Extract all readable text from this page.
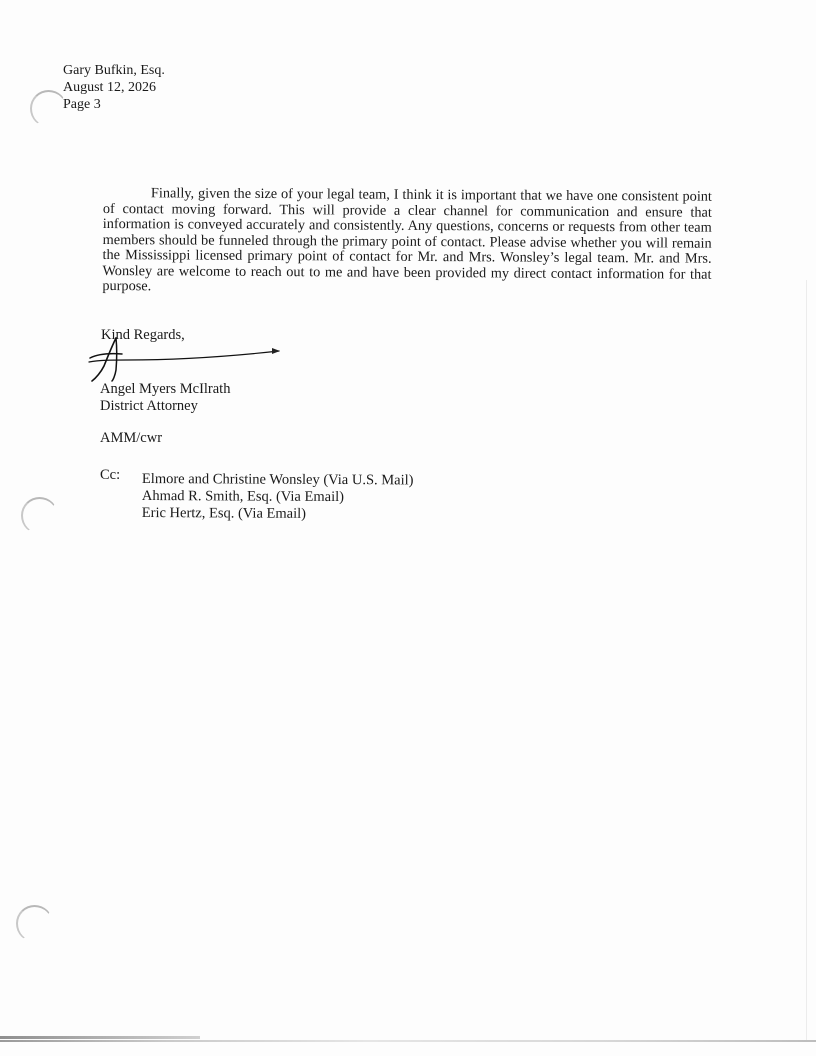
Gary Bufkin, Esq.
August 12, 2026
Page 3
Finally, given the size of your legal team, I think it is important that we have one consistent point of contact moving forward. This will provide a clear channel for communication and ensure that information is conveyed accurately and consistently. Any questions, concerns or requests from other team members should be funneled through the primary point of contact. Please advise whether you will remain the Mississippi licensed primary point of contact for Mr. and Mrs. Wonsley’s legal team. Mr. and Mrs. Wonsley are welcome to reach out to me and have been provided my direct contact information for that purpose.
Kind Regards,
Angel Myers McIlrath
District Attorney
AMM/cwr
Cc: Elmore and Christine Wonsley (Via U.S. Mail)
Ahmad R. Smith, Esq. (Via Email)
Eric Hertz, Esq. (Via Email)
